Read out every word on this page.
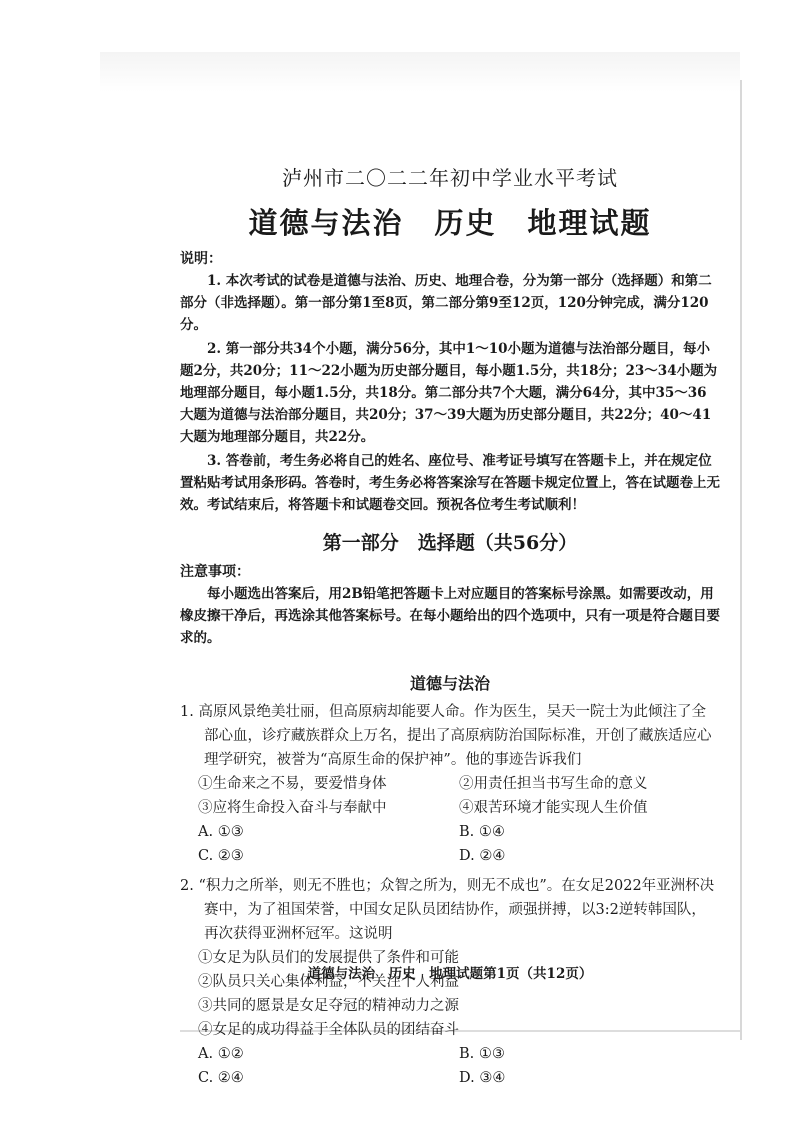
泸州市二〇二二年初中学业水平考试
道德与法治　历史　地理试题
说明：

1. 本次考试的试卷是道德与法治、历史、地理合卷，分为第一部分（选择题）和第二部分（非选择题）。第一部分第1至8页，第二部分第9至12页，120分钟完成，满分120分。

2. 第一部分共34个小题，满分56分，其中1～10小题为道德与法治部分题目，每小题2分，共20分；11～22小题为历史部分题目，每小题1.5分，共18分；23～34小题为地理部分题目，每小题1.5分，共18分。第二部分共7个大题，满分64分，其中35～36大题为道德与法治部分题目，共20分；37～39大题为历史部分题目，共22分；40～41大题为地理部分题目，共22分。

3. 答卷前，考生务必将自己的姓名、座位号、准考证号填写在答题卡上，并在规定位置粘贴考试用条形码。答卷时，考生务必将答案涂写在答题卡规定位置上，答在试题卷上无效。考试结束后，将答题卡和试题卷交回。预祝各位考生考试顺利！

第一部分　选择题（共56分）
注意事项：

每小题选出答案后，用2B铅笔把答题卡上对应题目的答案标号涂黑。如需要改动，用橡皮擦干净后，再选涂其他答案标号。在每小题给出的四个选项中，只有一项是符合题目要求的。

道德与法治
1. 高原风景绝美壮丽，但高原病却能要人命。作为医生，吴天一院士为此倾注了全部心血，诊疗藏族群众上万名，提出了高原病防治国际标准，开创了藏族适应心理学研究，被誉为“高原生命的保护神”。他的事迹告诉我们
①生命来之不易，要爱惜身体	②用责任担当书写生命的意义
③应将生命投入奋斗与奉献中	④艰苦环境才能实现人生价值
A. ①③	B. ①④
C. ②③	D. ②④
2. “积力之所举，则无不胜也；众智之所为，则无不成也”。在女足2022年亚洲杯决赛中，为了祖国荣誉，中国女足队员团结协作，顽强拼搏，以3:2逆转韩国队，再次获得亚洲杯冠军。这说明
①女足为队员们的发展提供了条件和可能
②队员只关心集体利益，不关注个人利益
③共同的愿景是女足夺冠的精神动力之源
④女足的成功得益于全体队员的团结奋斗
A. ①②	B. ①③
C. ②④	D. ③④
道德与法治　历史　地理试题第1页（共12页）
